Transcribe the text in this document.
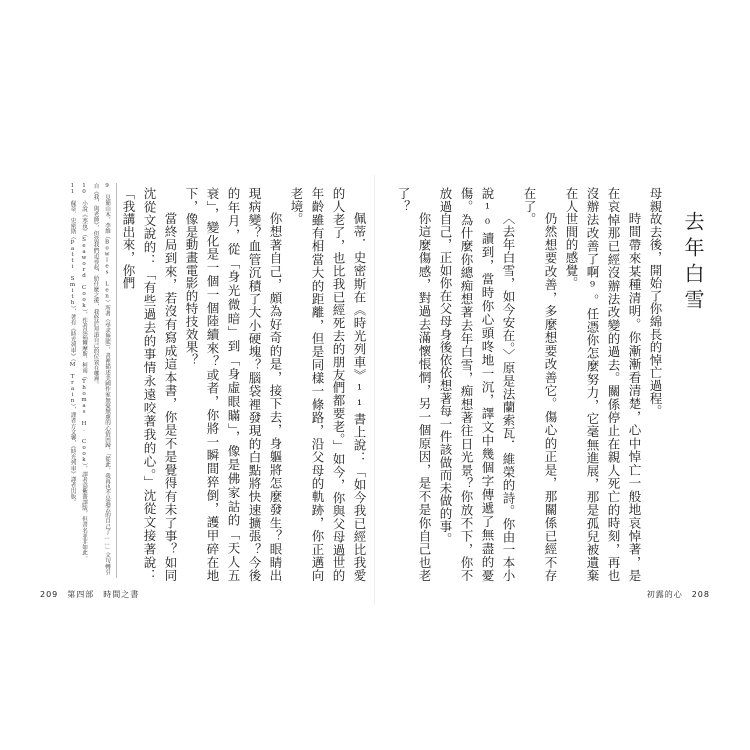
9　見簡山木，李維（Bowles Len）所著（尋求無能），書裡描述美國作家無憂無慮的心情回歸，「從此，我再也不是過去的自己了……」文句轉引自《我，與老師》，但當我們追尋起，給什麼之後，我終於知道自己的位置在哪裡。

10　小說《寒夜》（Seaword Cook），作者是福爾摩斯．柯南（Thomas H. Cook），譯者高紫薔譯版，但書名並非如此。

11　佩蒂．史密斯（Patti Smith），著有《時光列車》（M Train），譯者方文馨，《時光列車》譯者出版。	佩蒂．史密斯在《時光列車》¹¹書上說：「如今我已經比我愛的人老了，也比我已經死去的朋友們都要老。」如今，你與父母過世的年齡雖有相當大的距離，但是同樣一條路，沿父母的軌跡，你正邁向老境。

你想著自己，頗為好奇的是，接下去，身軀將怎麼發生？眼睛出現病變？血管沉積了大小硬塊？腦袋裡發現的白點將快速擴張？今後的年月，從「身光微暗」到「身虛眼瞞」，像是佛家詁的「天人五衰」，變化是一個一個陸續來？或者，你將一瞬間猝倒，護甲碎在地下，像是動畫電影的特技效果？

當終局到來，若沒有寫成這本書，你是不是覺得有未了事？如同沈從文說的：「有些過去的事情永遠咬著我的心。」沈從文接著說：「我講出來，你們

209　第四部　時間之書
去年白雪

母親故去後，開始了你綿長的悼亡過程。

時間帶來某種清明。你漸漸看清楚，心中悼亡一般地哀悼著，是在哀悼那已經沒辦法改變的過去。關係停止在親人死亡的時刻，再也沒辦法改善了啊⁹。任憑你怎麼努力，它毫無進展，那是孤兒被遺棄在人世間的感覺。

仍然想要改善，多麼想要改善它。傷心的正是，那關係已經不存在了。

〈去年白雪，如今安在。〉原是法蘭索瓦．維榮的詩。你由一本小說¹⁰讀到，當時你心頭咚地一沉，譯文中幾個字傳遞了無盡的憂傷。為什麼你總痴想著去年白雪，痴想著往日光景？你放不下，你不放過自己，正如你在父母身後依依想著每一件該做而未做的事。

你這麼傷感，對過去滿懷悵惘，另一個原因，是不是你自己也老了？

初露的心　208
